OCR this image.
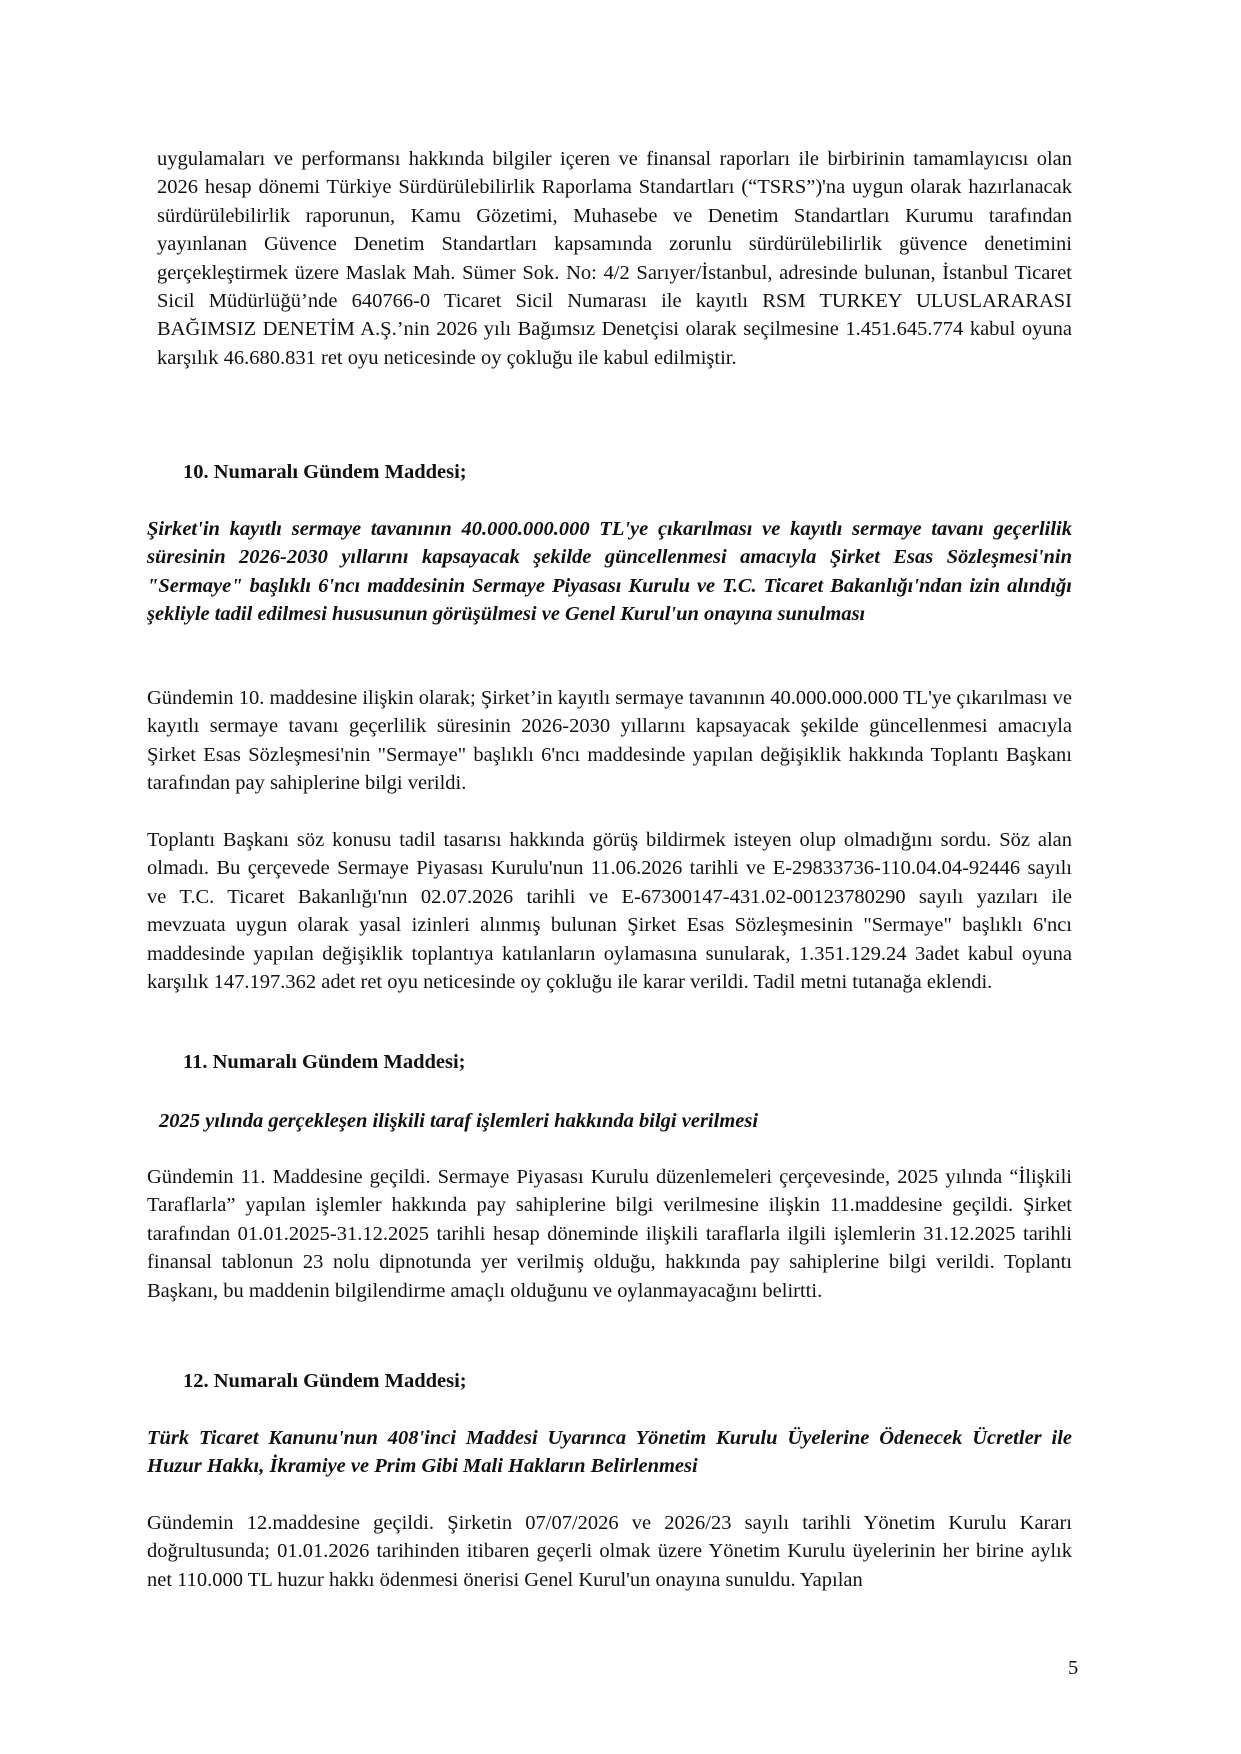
uygulamaları ve performansı hakkında bilgiler içeren ve finansal raporları ile birbirinin tamamlayıcısı olan 2026 hesap dönemi Türkiye Sürdürülebilirlik Raporlama Standartları (“TSRS”)'na uygun olarak hazırlanacak sürdürülebilirlik raporunun, Kamu Gözetimi, Muhasebe ve Denetim Standartları Kurumu tarafından yayınlanan Güvence Denetim Standartları kapsamında zorunlu sürdürülebilirlik güvence denetimini gerçekleştirmek üzere Maslak Mah. Sümer Sok. No: 4/2 Sarıyer/İstanbul, adresinde bulunan, İstanbul Ticaret Sicil Müdürlüğü’nde 640766-0 Ticaret Sicil Numarası ile kayıtlı RSM TURKEY ULUSLARARASI BAĞIMSIZ DENETİM A.Ş.’nin 2026 yılı Bağımsız Denetçisi olarak seçilmesine 1.451.645.774 kabul oyuna karşılık 46.680.831 ret oyu neticesinde oy çokluğu ile kabul edilmiştir.

10. Numaralı Gündem Maddesi;

Şirket'in kayıtlı sermaye tavanının 40.000.000.000 TL'ye çıkarılması ve kayıtlı sermaye tavanı geçerlilik süresinin 2026-2030 yıllarını kapsayacak şekilde güncellenmesi amacıyla Şirket Esas Sözleşmesi'nin "Sermaye" başlıklı 6'ncı maddesinin Sermaye Piyasası Kurulu ve T.C. Ticaret Bakanlığı'ndan izin alındığı şekliyle tadil edilmesi hususunun görüşülmesi ve Genel Kurul'un onayına sunulması

Gündemin 10. maddesine ilişkin olarak; Şirket’in kayıtlı sermaye tavanının 40.000.000.000 TL'ye çıkarılması ve kayıtlı sermaye tavanı geçerlilik süresinin 2026-2030 yıllarını kapsayacak şekilde güncellenmesi amacıyla Şirket Esas Sözleşmesi'nin "Sermaye" başlıklı 6'ncı maddesinde yapılan değişiklik hakkında Toplantı Başkanı tarafından pay sahiplerine bilgi verildi.

Toplantı Başkanı söz konusu tadil tasarısı hakkında görüş bildirmek isteyen olup olmadığını sordu. Söz alan olmadı. Bu çerçevede Sermaye Piyasası Kurulu'nun 11.06.2026 tarihli ve E-29833736-110.04.04-92446 sayılı ve T.C. Ticaret Bakanlığı'nın 02.07.2026 tarihli ve E-67300147-431.02-00123780290 sayılı yazıları ile mevzuata uygun olarak yasal izinleri alınmış bulunan Şirket Esas Sözleşmesinin "Sermaye" başlıklı 6'ncı maddesinde yapılan değişiklik toplantıya katılanların oylamasına sunularak, 1.351.129.24 3adet kabul oyuna karşılık 147.197.362 adet ret oyu neticesinde oy çokluğu ile karar verildi. Tadil metni tutanağa eklendi.

11. Numaralı Gündem Maddesi;

2025 yılında gerçekleşen ilişkili taraf işlemleri hakkında bilgi verilmesi

Gündemin 11. Maddesine geçildi. Sermaye Piyasası Kurulu düzenlemeleri çerçevesinde, 2025 yılında “İlişkili Taraflarla” yapılan işlemler hakkında pay sahiplerine bilgi verilmesine ilişkin 11.maddesine geçildi. Şirket tarafından 01.01.2025-31.12.2025 tarihli hesap döneminde ilişkili taraflarla ilgili işlemlerin 31.12.2025 tarihli finansal tablonun 23 nolu dipnotunda yer verilmiş olduğu, hakkında pay sahiplerine bilgi verildi. Toplantı Başkanı, bu maddenin bilgilendirme amaçlı olduğunu ve oylanmayacağını belirtti.

12. Numaralı Gündem Maddesi;

Türk Ticaret Kanunu'nun 408'inci Maddesi Uyarınca Yönetim Kurulu Üyelerine Ödenecek Ücretler ile Huzur Hakkı, İkramiye ve Prim Gibi Mali Hakların Belirlenmesi

Gündemin 12.maddesine geçildi. Şirketin 07/07/2026 ve 2026/23 sayılı tarihli Yönetim Kurulu Kararı doğrultusunda; 01.01.2026 tarihinden itibaren geçerli olmak üzere Yönetim Kurulu üyelerinin her birine aylık net 110.000 TL huzur hakkı ödenmesi önerisi Genel Kurul'un onayına sunuldu. Yapılan

5
